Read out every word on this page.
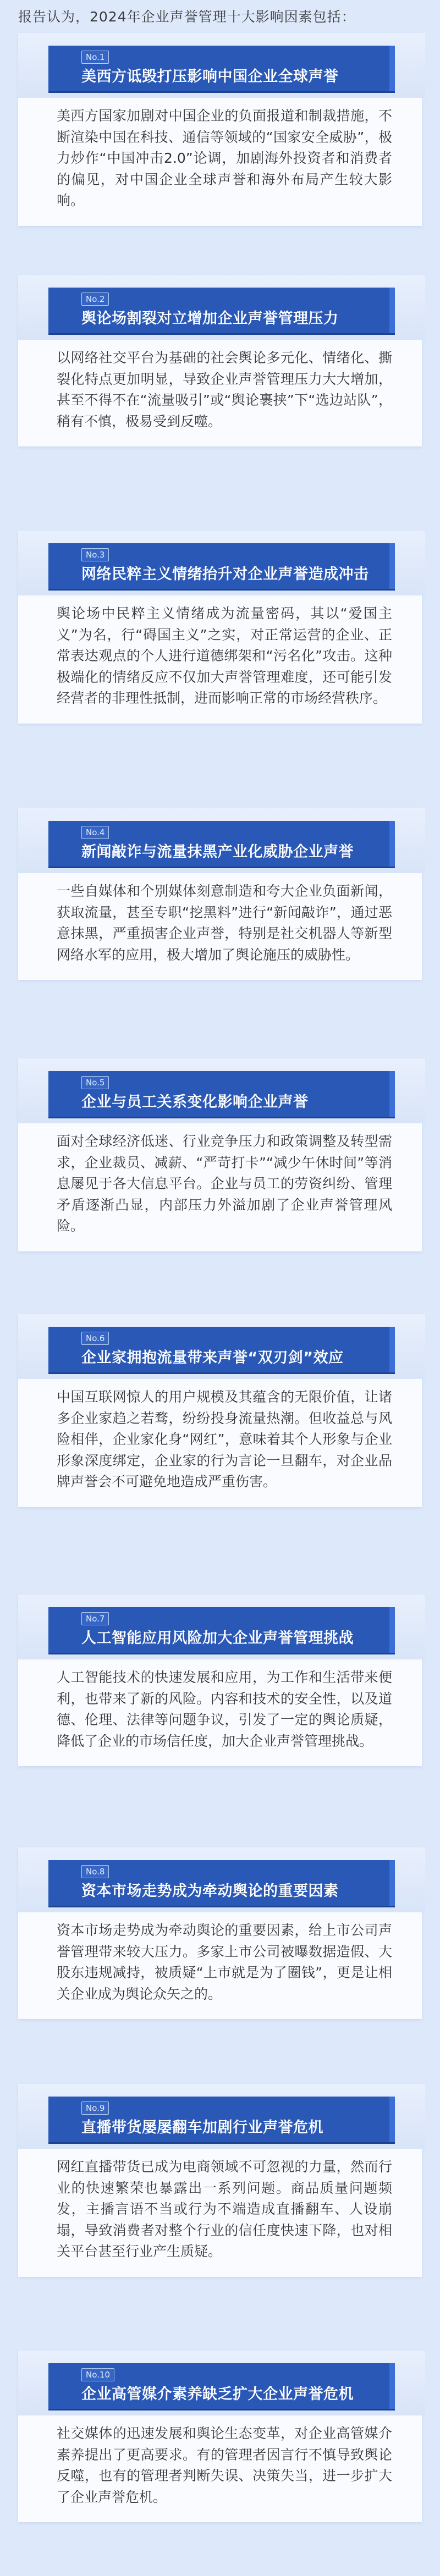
报告认为，2024年企业声誉管理十大影响因素包括：
No.1
美西方诋毁打压影响中国企业全球声誉
美西方国家加剧对中国企业的负面报道和制裁措施，不断渲染中国在科技、通信等领域的“国家安全威胁”，极力炒作“中国冲击2.0”论调，加剧海外投资者和消费者的偏见，对中国企业全球声誉和海外布局产生较大影响。
No.2
舆论场割裂对立增加企业声誉管理压力
以网络社交平台为基础的社会舆论多元化、情绪化、撕裂化特点更加明显，导致企业声誉管理压力大大增加，甚至不得不在“流量吸引”或“舆论裹挟”下“选边站队”，稍有不慎，极易受到反噬。
No.3
网络民粹主义情绪抬升对企业声誉造成冲击
舆论场中民粹主义情绪成为流量密码，其以“爱国主义”为名，行“碍国主义”之实，对正常运营的企业、正常表达观点的个人进行道德绑架和“污名化”攻击。这种极端化的情绪反应不仅加大声誉管理难度，还可能引发经营者的非理性抵制，进而影响正常的市场经营秩序。
No.4
新闻敲诈与流量抹黑产业化威胁企业声誉
一些自媒体和个别媒体刻意制造和夸大企业负面新闻，获取流量，甚至专职“挖黑料”进行“新闻敲诈”，通过恶意抹黑，严重损害企业声誉，特别是社交机器人等新型网络水军的应用，极大增加了舆论施压的威胁性。
No.5
企业与员工关系变化影响企业声誉
面对全球经济低迷、行业竞争压力和政策调整及转型需求，企业裁员、减薪、“严苛打卡”“减少午休时间”等消息屡见于各大信息平台。企业与员工的劳资纠纷、管理矛盾逐渐凸显，内部压力外溢加剧了企业声誉管理风险。
No.6
企业家拥抱流量带来声誉“双刃剑”效应
中国互联网惊人的用户规模及其蕴含的无限价值，让诸多企业家趋之若骛，纷纷投身流量热潮。但收益总与风险相伴，企业家化身“网红”，意味着其个人形象与企业形象深度绑定，企业家的行为言论一旦翻车，对企业品牌声誉会不可避免地造成严重伤害。
No.7
人工智能应用风险加大企业声誉管理挑战
人工智能技术的快速发展和应用，为工作和生活带来便利，也带来了新的风险。内容和技术的安全性，以及道德、伦理、法律等问题争议，引发了一定的舆论质疑，降低了企业的市场信任度，加大企业声誉管理挑战。
No.8
资本市场走势成为牵动舆论的重要因素
资本市场走势成为牵动舆论的重要因素，给上市公司声誉管理带来较大压力。多家上市公司被曝数据造假、大股东违规减持，被质疑“上市就是为了圈钱”，更是让相关企业成为舆论众矢之的。
No.9
直播带货屡屡翻车加剧行业声誉危机
网红直播带货已成为电商领域不可忽视的力量，然而行业的快速繁荣也暴露出一系列问题。商品质量问题频发，主播言语不当或行为不端造成直播翻车、人设崩塌，导致消费者对整个行业的信任度快速下降，也对相关平台甚至行业产生质疑。
No.10
企业高管媒介素养缺乏扩大企业声誉危机
社交媒体的迅速发展和舆论生态变革，对企业高管媒介素养提出了更高要求。有的管理者因言行不慎导致舆论反噬，也有的管理者判断失误、决策失当，进一步扩大了企业声誉危机。
